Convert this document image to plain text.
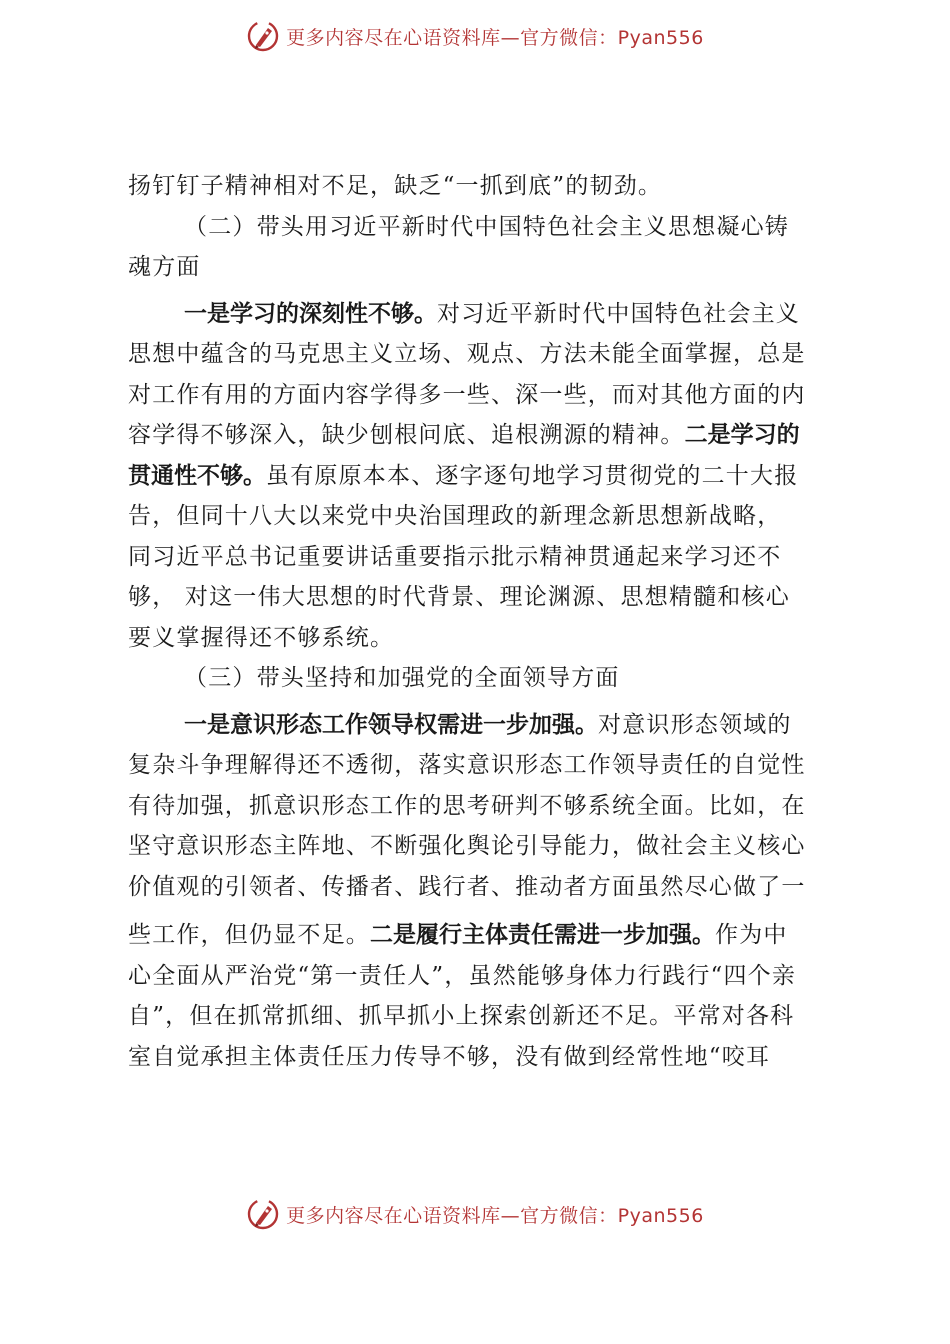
更多内容尽在心语资料库—官方微信：Pyan556
扬钉钉子精神相对不足，缺乏“一抓到底”的韧劲。
（二）带头用习近平新时代中国特色社会主义思想凝心铸
魂方面
一是学习的深刻性不够。对习近平新时代中国特色社会主义
思想中蕴含的马克思主义立场、观点、方法未能全面掌握，总是
对工作有用的方面内容学得多一些、深一些，而对其他方面的内
容学得不够深入，缺少刨根问底、追根溯源的精神。二是学习的
贯通性不够。虽有原原本本、逐字逐句地学习贯彻党的二十大报
告，但同十八大以来党中央治国理政的新理念新思想新战略，
同习近平总书记重要讲话重要指示批示精神贯通起来学习还不
够， 对这一伟大思想的时代背景、理论渊源、思想精髓和核心
要义掌握得还不够系统。
（三）带头坚持和加强党的全面领导方面
一是意识形态工作领导权需进一步加强。对意识形态领域的
复杂斗争理解得还不透彻，落实意识形态工作领导责任的自觉性
有待加强，抓意识形态工作的思考研判不够系统全面。比如，在
坚守意识形态主阵地、不断强化舆论引导能力，做社会主义核心
价值观的引领者、传播者、践行者、推动者方面虽然尽心做了一
些工作，但仍显不足。二是履行主体责任需进一步加强。作为中
心全面从严治党“第一责任人”，虽然能够身体力行践行“四个亲
自”，但在抓常抓细、抓早抓小上探索创新还不足。平常对各科
室自觉承担主体责任压力传导不够，没有做到经常性地“咬耳
更多内容尽在心语资料库—官方微信：Pyan556
